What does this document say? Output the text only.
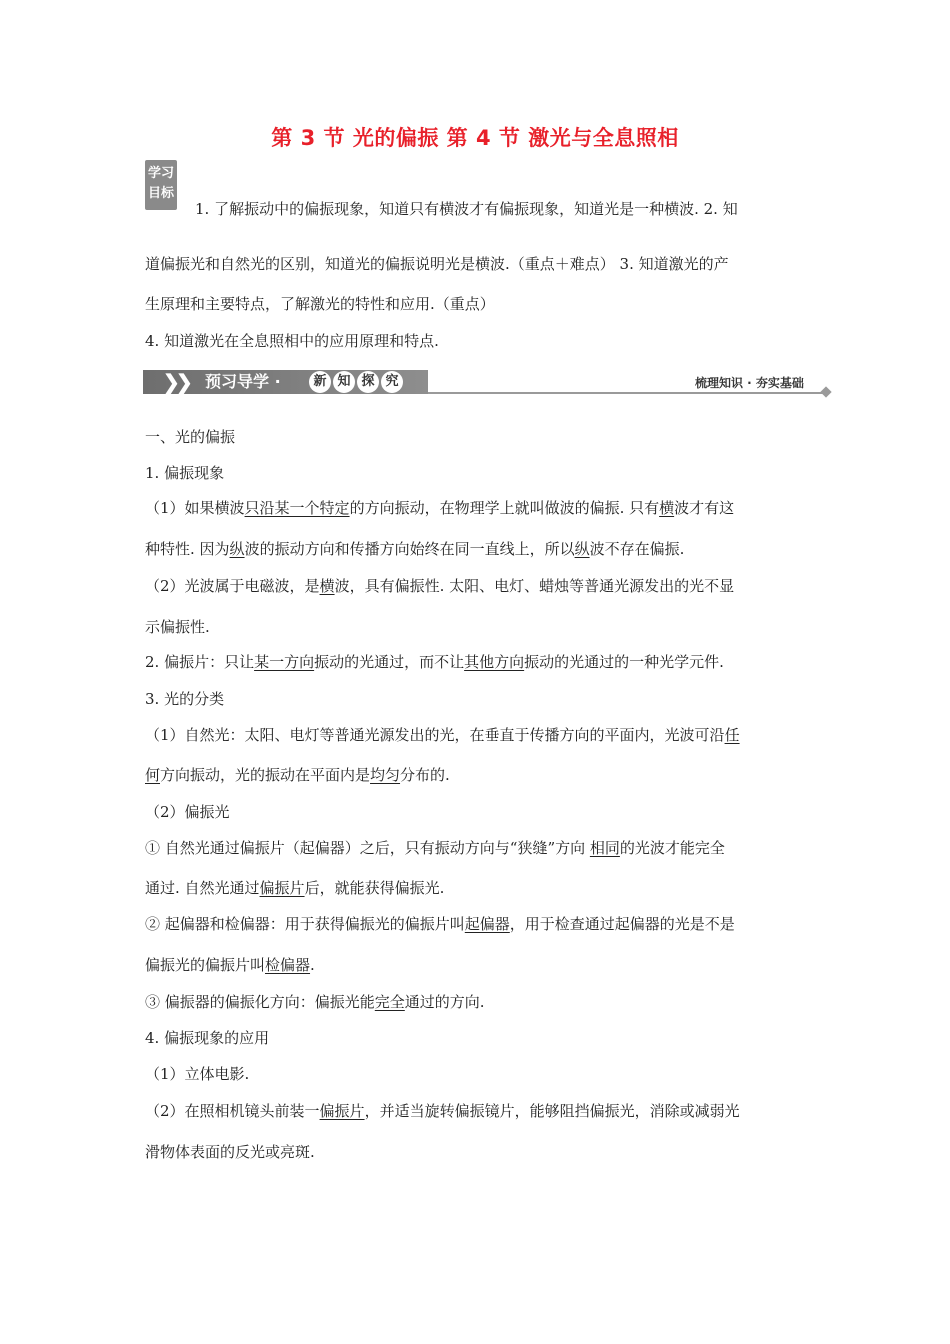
第 3 节 光的偏振 第 4 节 激光与全息照相
学习
目标
1. 了解振动中的偏振现象，知道只有横波才有偏振现象，知道光是一种横波. 2. 知
道偏振光和自然光的区别，知道光的偏振说明光是横波.（重点＋难点） 3. 知道激光的产
生原理和主要特点，了解激光的特性和应用.（重点）
4. 知道激光在全息照相中的应用原理和特点.
❯
❯ 预习导学 ·	新 知 探 究	梳理知识 · 夯实基础
一、光的偏振
1. 偏振现象
（1）如果横波只沿某一个特定的方向振动，在物理学上就叫做波的偏振. 只有横波才有这
种特性. 因为纵波的振动方向和传播方向始终在同一直线上，所以纵波不存在偏振.
（2）光波属于电磁波，是横波，具有偏振性. 太阳、电灯、蜡烛等普通光源发出的光不显
示偏振性.
2. 偏振片：只让某一方向振动的光通过，而不让其他方向振动的光通过的一种光学元件.
3. 光的分类
（1）自然光：太阳、电灯等普通光源发出的光，在垂直于传播方向的平面内，光波可沿任
何方向振动，光的振动在平面内是均匀分布的.
（2）偏振光
① 自然光通过偏振片（起偏器）之后，只有振动方向与“狭缝”方向 相同的光波才能完全
通过. 自然光通过偏振片后，就能获得偏振光.
② 起偏器和检偏器：用于获得偏振光的偏振片叫起偏器，用于检查通过起偏器的光是不是
偏振光的偏振片叫检偏器.
③ 偏振器的偏振化方向：偏振光能完全通过的方向.
4. 偏振现象的应用
（1）立体电影.
（2）在照相机镜头前装一偏振片，并适当旋转偏振镜片，能够阻挡偏振光，消除或减弱光
滑物体表面的反光或亮斑.
